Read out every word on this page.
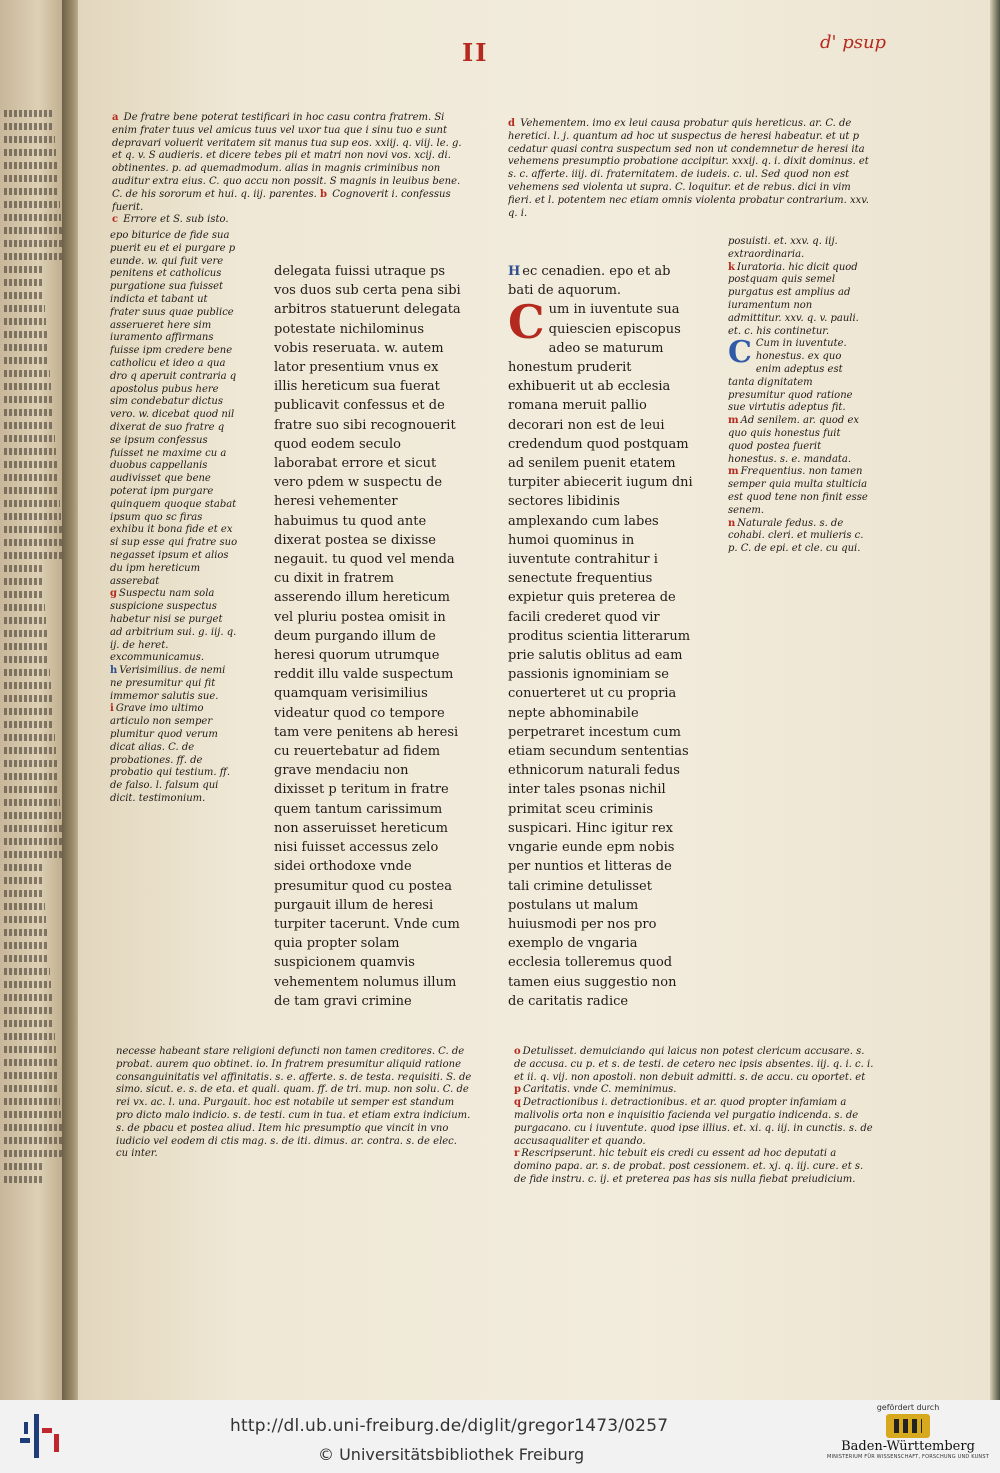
II	d' psup

a De fratre bene poterat testificari in hoc casu contra fratrem. Si enim frater tuus vel amicus tuus vel uxor tua que i sinu tuo e sunt depravari voluerit veritatem sit manus tua sup eos. xxiij. q. viij. le. g. et q. v. S audieris. et dicere tebes pii et matri non novi vos. xcij. di. obtinentes. p. ad quemadmodum. alias in magnis criminibus non auditur extra eius. C. quo accu non possit. S magnis in leuibus bene. C. de his sororum et hui. q. iij. parentes. b Cognoverit i. confessus fuerit.

c Errore et S. sub isto.

d Vehementem. imo ex leui causa probatur quis hereticus. ar. C. de heretici. l. j. quantum ad hoc ut suspectus de heresi habeatur. et ut p cedatur quasi contra suspectum sed non ut condemnetur de heresi ita vehemens presumptio probatione accipitur. xxxij. q. i. dixit dominus. et s. c. afferte. iiij. di. fraternitatem. de iudeis. c. ul. Sed quod non est vehemens sed violenta ut supra. C. loquitur. et de rebus. dici in vim fieri. et l. potentem nec etiam omnis violenta probatur contrarium. xxv. q. i.

epo biturice de fide sua puerit eu et ei purgare p eunde. w. qui fuit vere penitens et catholicus purgatione sua fuisset indicta et tabant ut frater suus quae publice asserueret here sim iuramento affirmans fuisse ipm credere bene catholicu et ideo a qua dro q aperuit contraria q apostolus pubus here sim condebatur dictus vero. w. dicebat quod nil dixerat de suo fratre q se ipsum confessus fuisset ne maxime cu a duobus cappellanis audivisset que bene poterat ipm purgare quinquem quoque stabat ipsum quo sc firas exhibu it bona fide et ex si sup esse qui fratre suo negasset ipsum et alios du ipm hereticum asserebat

g Suspectu nam sola suspicione suspectus habetur nisi se purget ad arbitrium sui. g. iij. q. ij. de heret. excommunicamus.

h Verisimilius. de nemi ne presumitur qui fit immemor salutis sue.

i Grave imo ultimo articulo non semper plumitur quod verum dicat alias. C. de probationes. ff. de probatio qui testium. ff. de falso. l. falsum qui dicit. testimonium.

delegata fuissi utraque ps vos duos sub certa pena sibi arbitros statuerunt delegata potestate nichilominus vobis reseruata. w. autem lator presentium vnus ex illis hereticum sua fuerat publicavit confessus et de fratre suo sibi recognouerit quod eodem seculo laborabat errore et sicut vero pdem w suspectu de heresi vehementer habuimus tu quod ante dixerat postea se dixisse negauit. tu quod vel menda cu dixit in fratrem asserendo illum hereticum vel pluriu postea omisit in deum purgando illum de heresi quorum utrumque reddit illu valde suspectum quamquam verisimilius videatur quod co tempore tam vere penitens ab heresi cu reuertebatur ad fidem grave mendaciu non dixisset p teritum in fratre quem tantum carissimum non asseruisset hereticum nisi fuisset accessus zelo sidei orthodoxe vnde presumitur quod cu postea purgauit illum de heresi turpiter tacerunt. Vnde cum quia propter solam suspicionem quamvis vehementem nolumus illum de tam gravi crimine

H ec cenadien. epo et ab bati de aquorum.

C um in iuventute sua quiescien episcopus adeo se maturum honestum pruderit exhibuerit ut ab ecclesia romana meruit pallio decorari non est de leui credendum quod postquam ad senilem puenit etatem turpiter abiecerit iugum dni sectores libidinis amplexando cum labes humoi quominus in iuventute contrahitur i senectute frequentius expietur quis preterea de facili crederet quod vir proditus scientia litterarum prie salutis oblitus ad eam passionis ignominiam se conuerteret ut cu propria nepte abhominabile perpetraret incestum cum etiam secundum sententias ethnicorum naturali fedus inter tales psonas nichil primitat sceu criminis suspicari. Hinc igitur rex vngarie eunde epm nobis per nuntios et litteras de tali crimine detulisset postulans ut malum huiusmodi per nos pro exemplo de vngaria ecclesia tolleremus quod tamen eius suggestio non de caritatis radice

posuisti. et. xxv. q. iij. extraordinaria.

k Iuratoria. hic dicit quod postquam quis semel purgatus est amplius ad iuramentum non admittitur. xxv. q. v. pauli. et. c. his continetur.

C Cum in iuventute. honestus. ex quo enim adeptus est tanta dignitatem presumitur quod ratione sue virtutis adeptus fit.

m Ad senilem. ar. quod ex quo quis honestus fuit quod postea fuerit honestus. s. e. mandata.

m Frequentius. non tamen semper quia multa stulticia est quod tene non finit esse senem.

n Naturale fedus. s. de cohabi. cleri. et mulieris c. p. C. de epi. et cle. cu qui.

necesse habeant stare religioni defuncti non tamen creditores. C. de probat. aurem quo obtinet. io. In fratrem presumitur aliquid ratione consanguinitatis vel affinitatis. s. e. afferte. s. de testa. requisiti. S. de simo. sicut. e. s. de eta. et quali. quam. ff. de tri. mup. non solu. C. de rei vx. ac. l. una. Purgauit. hoc est notabile ut semper est standum pro dicto malo indicio. s. de testi. cum in tua. et etiam extra indicium. s. de pbacu et postea aliud. Item hic presumptio que vincit in vno iudicio vel eodem di ctis mag. s. de iti. dimus. ar. contra. s. de elec. cu inter.

o Detulisset. demuiciando qui laicus non potest clericum accusare. s. de accusa. cu p. et s. de testi. de cetero nec ipsis absentes. iij. q. i. c. i. et ii. q. vij. non apostoli. non debuit admitti. s. de accu. cu oportet. et

p Caritatis. vnde C. meminimus.

q Detractionibus i. detractionibus. et ar. quod propter infamiam a malivolis orta non e inquisitio facienda vel purgatio indicenda. s. de purgacano. cu i iuventute. quod ipse illius. et. xi. q. iij. in cunctis. s. de accusaqualiter et quando.

r Rescripserunt. hic tebuit eis credi cu essent ad hoc deputati a domino papa. ar. s. de probat. post cessionem. et. xj. q. iij. cure. et s. de fide instru. c. ij. et preterea pas has sis nulla fiebat preiudicium.

http://dl.ub.uni-freiburg.de/diglit/gregor1473/0257
© Universitätsbibliothek Freiburg
gefördert durch
Baden-Württemberg
MINISTERIUM FÜR WISSENSCHAFT, FORSCHUNG UND KUNST
